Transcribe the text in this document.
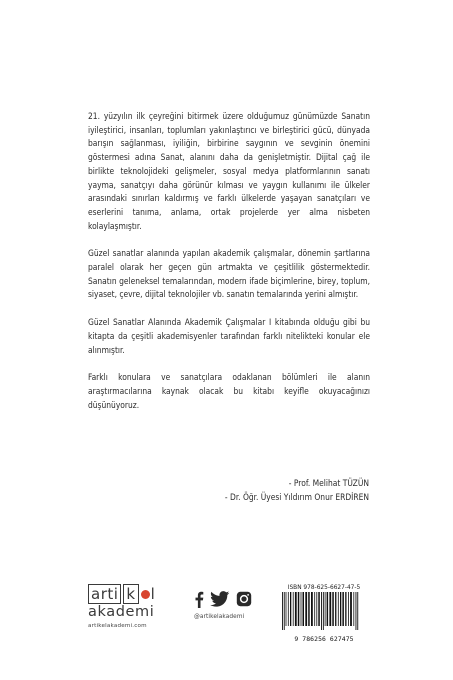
21. yüzyılın ilk çeyreğini bitirmek üzere olduğumuz günümüzde Sanatın iyileştirici, insanları, toplumları yakınlaştırıcı ve birleştirici gücü, dünyada barışın sağlanması, iyiliğin, birbirine saygının ve sevginin önemini göstermesi adına Sanat, alanını daha da genişletmiştir. Dijital çağ ile birlikte teknolojideki gelişmeler, sosyal medya platformlarının sanatı yayma, sanatçıyı daha görünür kılması ve yaygın kullanımı ile ülkeler arasındaki sınırları kaldırmış ve farklı ülkelerde yaşayan sanatçıları ve eserlerini tanıma, anlama, ortak projelerde yer alma nisbeten kolaylaşmıştır.

Güzel sanatlar alanında yapılan akademik çalışmalar, dönemin şartlarına paralel olarak her geçen gün artmakta ve çeşitlilik göstermektedir. Sanatın geleneksel temalarından, modern ifade biçimlerine, birey, toplum, siyaset, çevre, dijital teknolojiler vb. sanatın temalarında yerini almıştır.

Güzel Sanatlar Alanında Akademik Çalışmalar I kitabında olduğu gibi bu kitapta da çeşitli akademisyenler tarafından farklı nitelikteki konular ele alınmıştır.

Farklı konulara ve sanatçılara odaklanan bölümleri ile alanın araştırmacılarına kaynak olacak bu kitabı keyifle okuyacağınızı düşünüyoruz.

- Prof. Melihat TÜZÜN
- Dr. Öğr. Üyesi Yıldırım Onur ERDİREN
arti k l
akademi
artikelakademi.com
@artikelakademi
ISBN 978-625-6627-47-5
9 786256 627475
